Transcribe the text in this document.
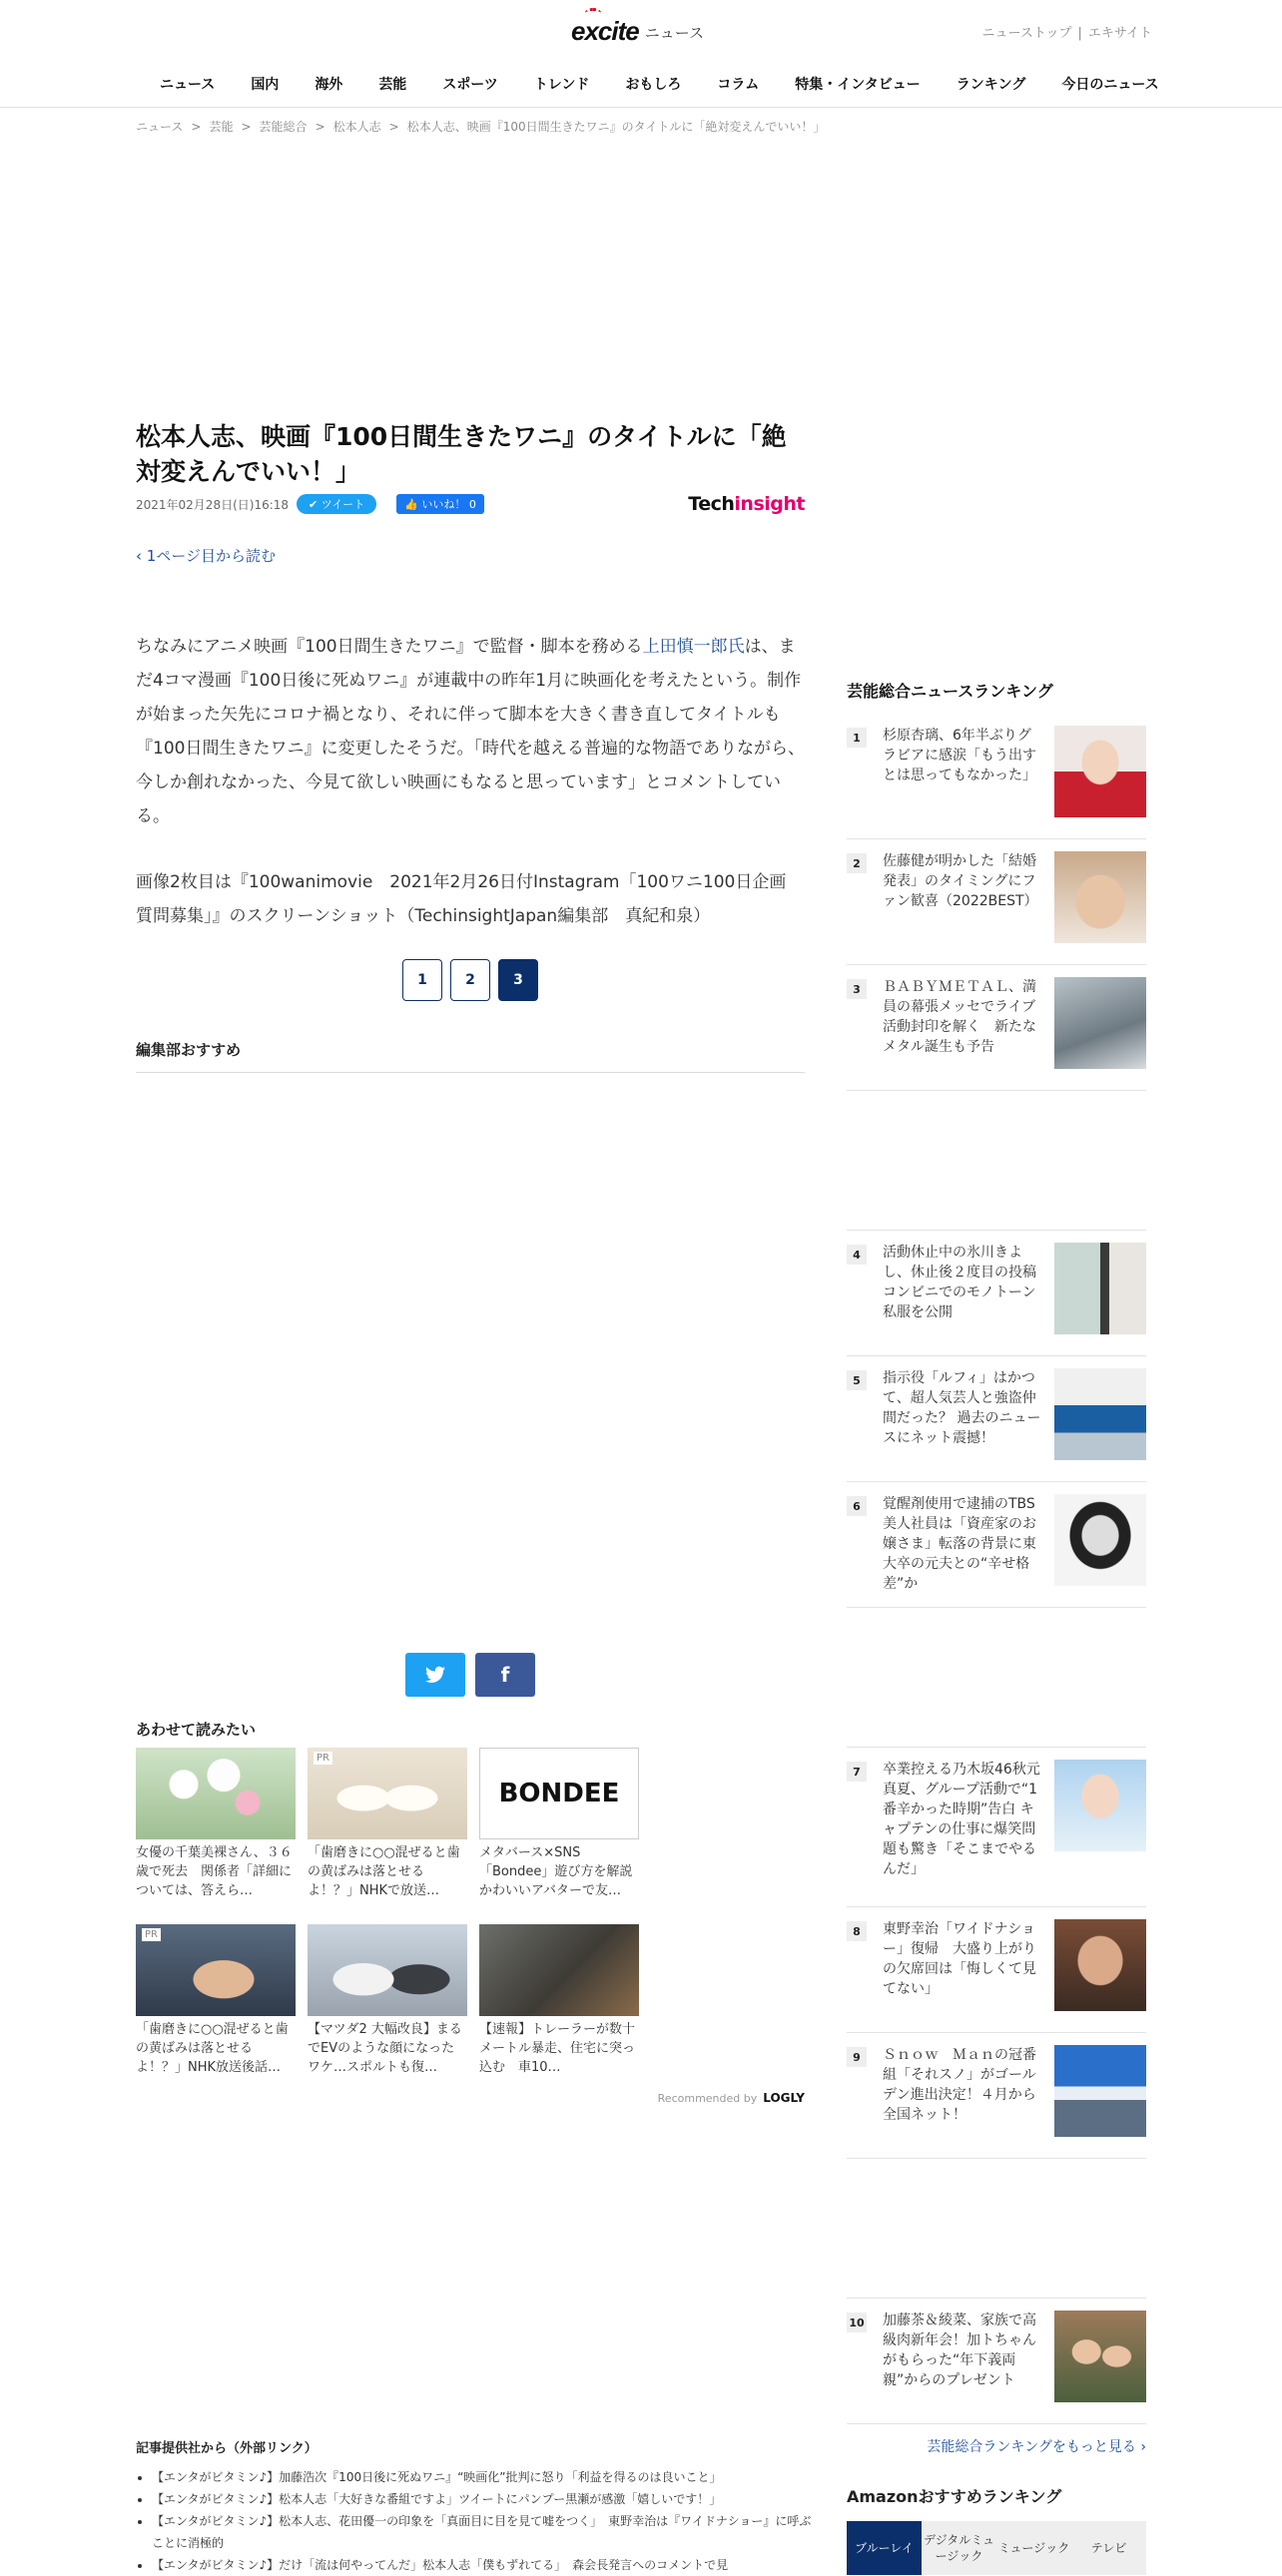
excite ニュース	ニューストップ | エキサイト
ニュース	国内	海外	芸能	スポーツ	トレンド	おもしろ	コラム	特集・インタビュー	ランキング	今日のニュース
ニュース > 芸能 > 芸能総合 > 松本人志 > 松本人志、映画『100日間生きたワニ』のタイトルに「絶対変えんでいい！」
松本人志、映画『100日間生きたワニ』のタイトルに「絶対変えんでいい！」
2021年02月28日(日)16:18	✔ ツイート	👍 いいね！ 0	Techinsight
‹ 1ページ目から読む

ちなみにアニメ映画『100日間生きたワニ』で監督・脚本を務める上田慎一郎氏は、まだ4コマ漫画『100日後に死ぬワニ』が連載中の昨年1月に映画化を考えたという。制作が始まった矢先にコロナ禍となり、それに伴って脚本を大きく書き直してタイトルも『100日間生きたワニ』に変更したそうだ。「時代を越える普遍的な物語でありながら、今しか創れなかった、今見て欲しい映画にもなると思っています」とコメントしている。

画像2枚目は『100wanimovie　2021年2月26日付Instagram「100ワニ100日企画 質問募集」』のスクリーンショット（TechinsightJapan編集部　真紀和泉）

1	2	3
編集部おすすめ
f
あわせて読みたい
女優の千葉美裸さん、３６歳で死去　関係者「詳細については、答えら…
PR
「歯磨きに○○混ぜると歯の黄ばみは落とせるよ！？」NHKで放送…
BONDEE
メタバース×SNS「Bondee」遊び方を解説　かわいいアバターで友…
PR
「歯磨きに○○混ぜると歯の黄ばみは落とせるよ！？」NHK放送後話…
【マツダ2 大幅改良】まるでEVのような顔になったワケ…スポルトも復…
【速報】トレーラーが数十メートル暴走、住宅に突っ込む　車10…
Recommended by LOGLY
記事提供社から（外部リンク）
• 【エンタがビタミン♪】加藤浩次『100日後に死ぬワニ』“映画化”批判に怒り「利益を得るのは良いこと」
• 【エンタがビタミン♪】松本人志「大好きな番組ですよ」ツイートにパンプー黒瀬が感激「嬉しいです！」
• 【エンタがビタミン♪】松本人志、花田優一の印象を「真面目に目を見て嘘をつく」　東野幸治は『ワイドナショー』に呼ぶことに消極的
• 【エンタがビタミン♪】だけ「流は何やってんだ」松本人志「僕もずれてる」　森会長発言へのコメントで見
芸能総合ニュースランキング
1	杉原杏璃、6年半ぶりグラビアに感涙「もう出すとは思ってもなかった」
2	佐藤健が明かした「結婚発表」のタイミングにファン歓喜（2022BEST）
3	ＢＡＢＹＭＥＴＡＬ、満員の幕張メッセでライブ活動封印を解く　新たなメタル誕生も予告
4	活動休止中の氷川きよし、休止後２度目の投稿　コンビニでのモノトーン私服を公開
5	指示役「ルフィ」はかつて、超人気芸人と強盗仲間だった？ 過去のニュースにネット震撼！
6	覚醒剤使用で逮捕のTBS美人社員は「資産家のお嬢さま」転落の背景に東大卒の元夫との“辛せ格差”か
7	卒業控える乃木坂46秋元真夏、グループ活動で“1番辛かった時期”告白 キャプテンの仕事に爆笑問題も驚き「そこまでやるんだ」
8	東野幸治「ワイドナショー」復帰　大盛り上がりの欠席回は「悔しくて見てない」
9	Ｓｎｏｗ　Ｍａｎの冠番組「それスノ」がゴールデン進出決定！４月から全国ネット！
10 加藤茶＆綾菜、家族で高級肉新年会！加トちゃんがもらった“年下義両親”からのプレゼント
芸能総合ランキングをもっと見る ›
Amazonおすすめランキング
ブルーレイ
デジタルミュージック
ミュージック	テレビ
